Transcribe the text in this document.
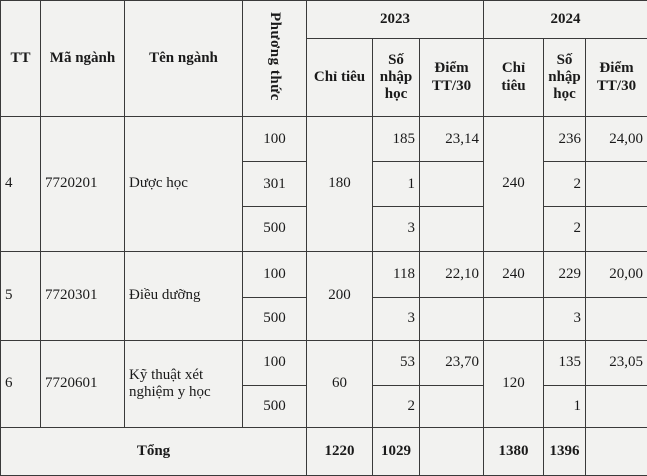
TT	Mã ngành	Tên ngành	Phương thức	2023			2024		
				Chỉ tiêu	Số nhập học	Điểm TT/30	Chỉ tiêu	Số nhập học	Điểm TT/30
4	7720201	Dược học	100	180	185	23,14	240	236	24,00
			301		1			2	
			500		3			2	
5	7720301	Điều dưỡng	100	200	118	22,10	240	229	20,00
			500		3			3	
6	7720601	Kỹ thuật xét nghiệm y học	100	60	53	23,70	120	135	23,05
			500		2			1	
Tổng				1220	1029		1380	1396	
